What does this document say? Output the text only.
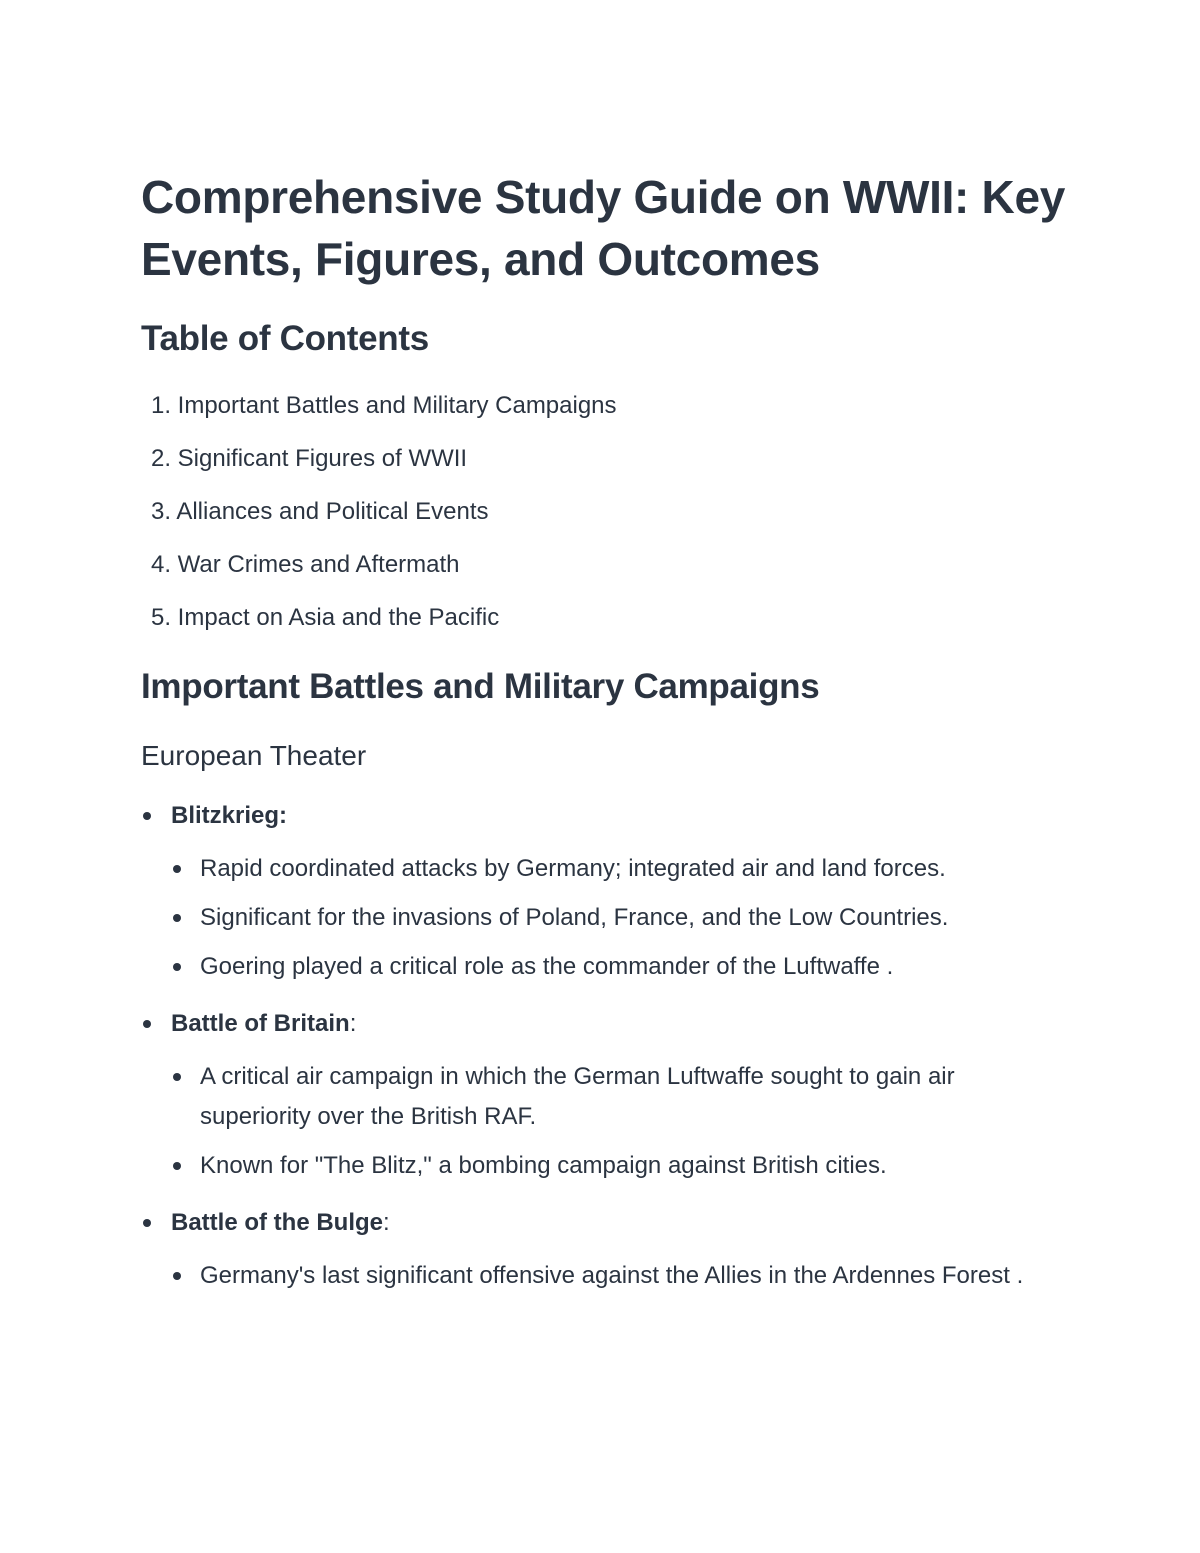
Comprehensive Study Guide on WWII: Key Events, Figures, and Outcomes
Table of Contents
1. Important Battles and Military Campaigns
2. Significant Figures of WWII
3. Alliances and Political Events
4. War Crimes and Aftermath
5. Impact on Asia and the Pacific
Important Battles and Military Campaigns
European Theater
Blitzkrieg:
Rapid coordinated attacks by Germany; integrated air and land forces.
Significant for the invasions of Poland, France, and the Low Countries.
Goering played a critical role as the commander of the Luftwaffe .
Battle of Britain:
A critical air campaign in which the German Luftwaffe sought to gain air superiority over the British RAF.
Known for "The Blitz," a bombing campaign against British cities.
Battle of the Bulge:
Germany's last significant offensive against the Allies in the Ardennes Forest .
